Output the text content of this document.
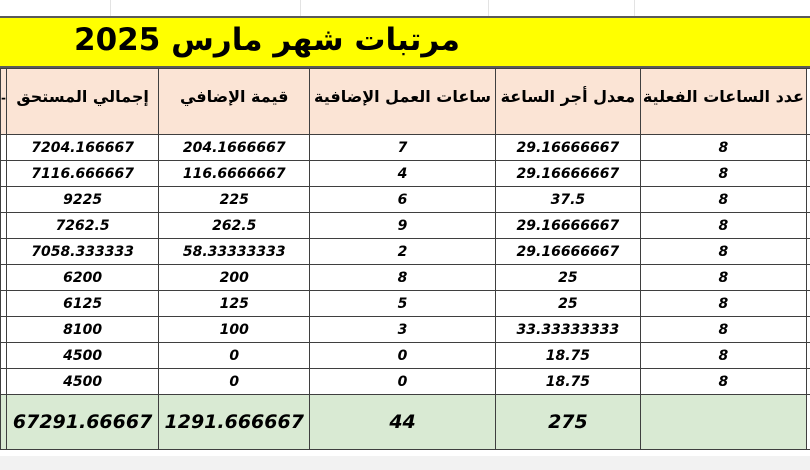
مرتبات شهر مارس 2025
	عدد الساعات الفعلية	معدل أجر الساعة	ساعات العمل الإضافية	قيمة الإضافي	إجمالي المستحق	-
	8	29.16666667	7	204.1666667	7204.166667	
	8	29.16666667	4	116.6666667	7116.666667	
	8	37.5	6	225	9225	
	8	29.16666667	9	262.5	7262.5	
	8	29.16666667	2	58.33333333	7058.333333	
	8	25	8	200	6200	
	8	25	5	125	6125	
	8	33.33333333	3	100	8100	
	8	18.75	0	0	4500	
	8	18.75	0	0	4500	
		275	44	1291.666667	67291.66667	
